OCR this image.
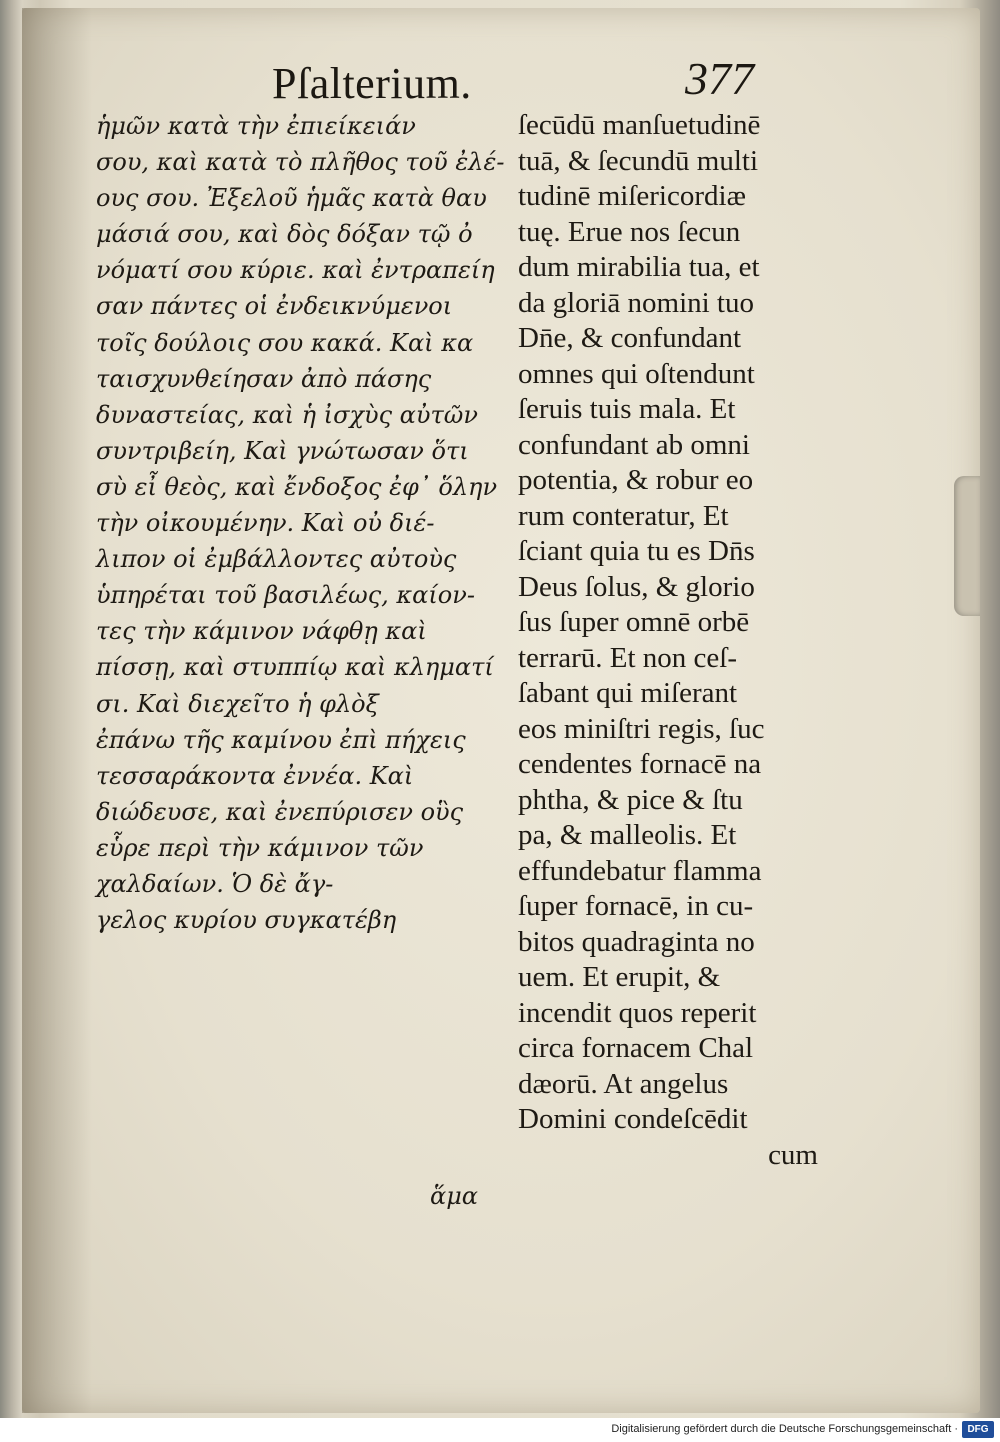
Pſalterium.	377
ἡμῶν κατὰ τὴν ἐπιείκειάν
σου, καὶ κατὰ τὸ πλῆθος τοῦ ἐλέ-
ους σου. Ἐξελοῦ ἡμᾶς κατὰ θαυ
μάσιά σου, καὶ δὸς δόξαν τῷ ὀ
νόματί σου κύριε. καὶ ἐντραπείη
σαν πάντες οἱ ἐνδεικνύμενοι
τοῖς δούλοις σου κακά. Καὶ κα
ταισχυνθείησαν ἀπὸ πάσης
δυναστείας, καὶ ἡ ἰσχὺς αὐτῶν
συντριβείη, Καὶ γνώτωσαν ὅτι
σὺ εἶ θεὸς, καὶ ἔνδοξος ἐφ᾽ ὅλην
τὴν οἰκουμένην. Καὶ οὐ διέ-
λιπον οἱ ἐμβάλλοντες αὐτοὺς
ὑπηρέται τοῦ βασιλέως, καίον-
τες τὴν κάμινον νάφθῃ καὶ
πίσσῃ, καὶ στυππίῳ καὶ κληματί
σι. Καὶ διεχεῖτο ἡ φλὸξ
ἐπάνω τῆς καμίνου ἐπὶ πήχεις
τεσσαράκοντα ἐννέα. Καὶ
διώδευσε, καὶ ἐνεπύρισεν οὓς
εὗρε περὶ τὴν κάμινον τῶν
χαλδαίων. Ὁ δὲ ἄγ-
γελος κυρίου συγκατέβη
ἅμα
ſecūdū manſuetudinē
tuā, & ſecundū multi
tudinē miſericordiæ
tuę. Erue nos ſecun
dum mirabilia tua, et
da gloriā nomini tuo
Dn̄e, & confundant
omnes qui oſtendunt
ſeruis tuis mala. Et
confundant ab omni
potentia, & robur eo
rum conteratur, Et
ſciant quia tu es Dn̄s
Deus ſolus, & glorio
ſus ſuper omnē orbē
terrarū. Et non ceſ-
ſabant qui miſerant
eos miniſtri regis, ſuc
cendentes fornacē na
phtha, & pice & ſtu
pa, & malleolis. Et
effundebatur flamma
ſuper fornacē, in cu-
bitos quadraginta no
uem. Et erupit, &
incendit quos reperit
circa fornacem Chal
dæorū. At angelus
Domini condeſcēdit
cum
Digitalisierung gefördert durch die Deutsche Forschungsgemeinschaft · DFG
